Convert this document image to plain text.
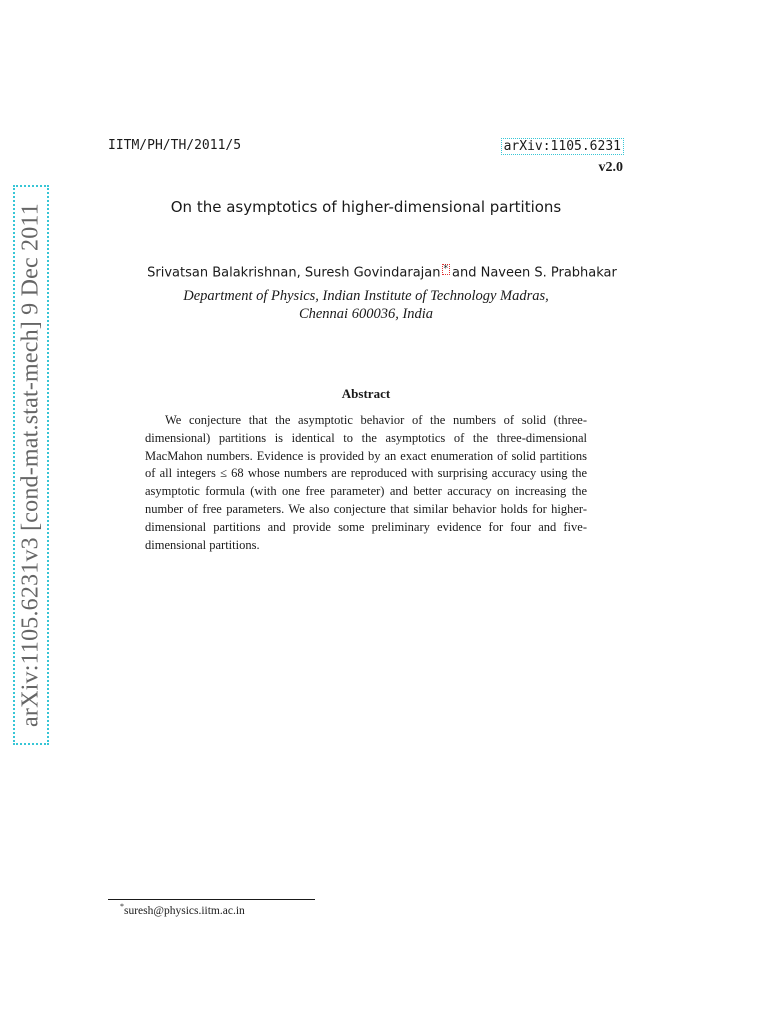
arXiv:1105.6231v3 [cond-mat.stat-mech] 9 Dec 2011
IITM/PH/TH/2011/5	arXiv:1105.6231
v2.0
On the asymptotics of higher-dimensional partitions
Srivatsan Balakrishnan, Suresh Govindarajan * and Naveen S. Prabhakar
Department of Physics, Indian Institute of Technology Madras,
Chennai 600036, India
Abstract

We conjecture that the asymptotic behavior of the numbers of solid (three-dimensional) partitions is identical to the asymptotics of the three-dimensional MacMahon numbers. Evidence is provided by an exact enumeration of solid partitions of all integers ≤ 68 whose numbers are reproduced with surprising accuracy using the asymptotic formula (with one free parameter) and better accuracy on increasing the number of free parameters. We also conjecture that similar behavior holds for higher-dimensional partitions and provide some preliminary evidence for four and five-dimensional partitions.

*suresh@physics.iitm.ac.in
